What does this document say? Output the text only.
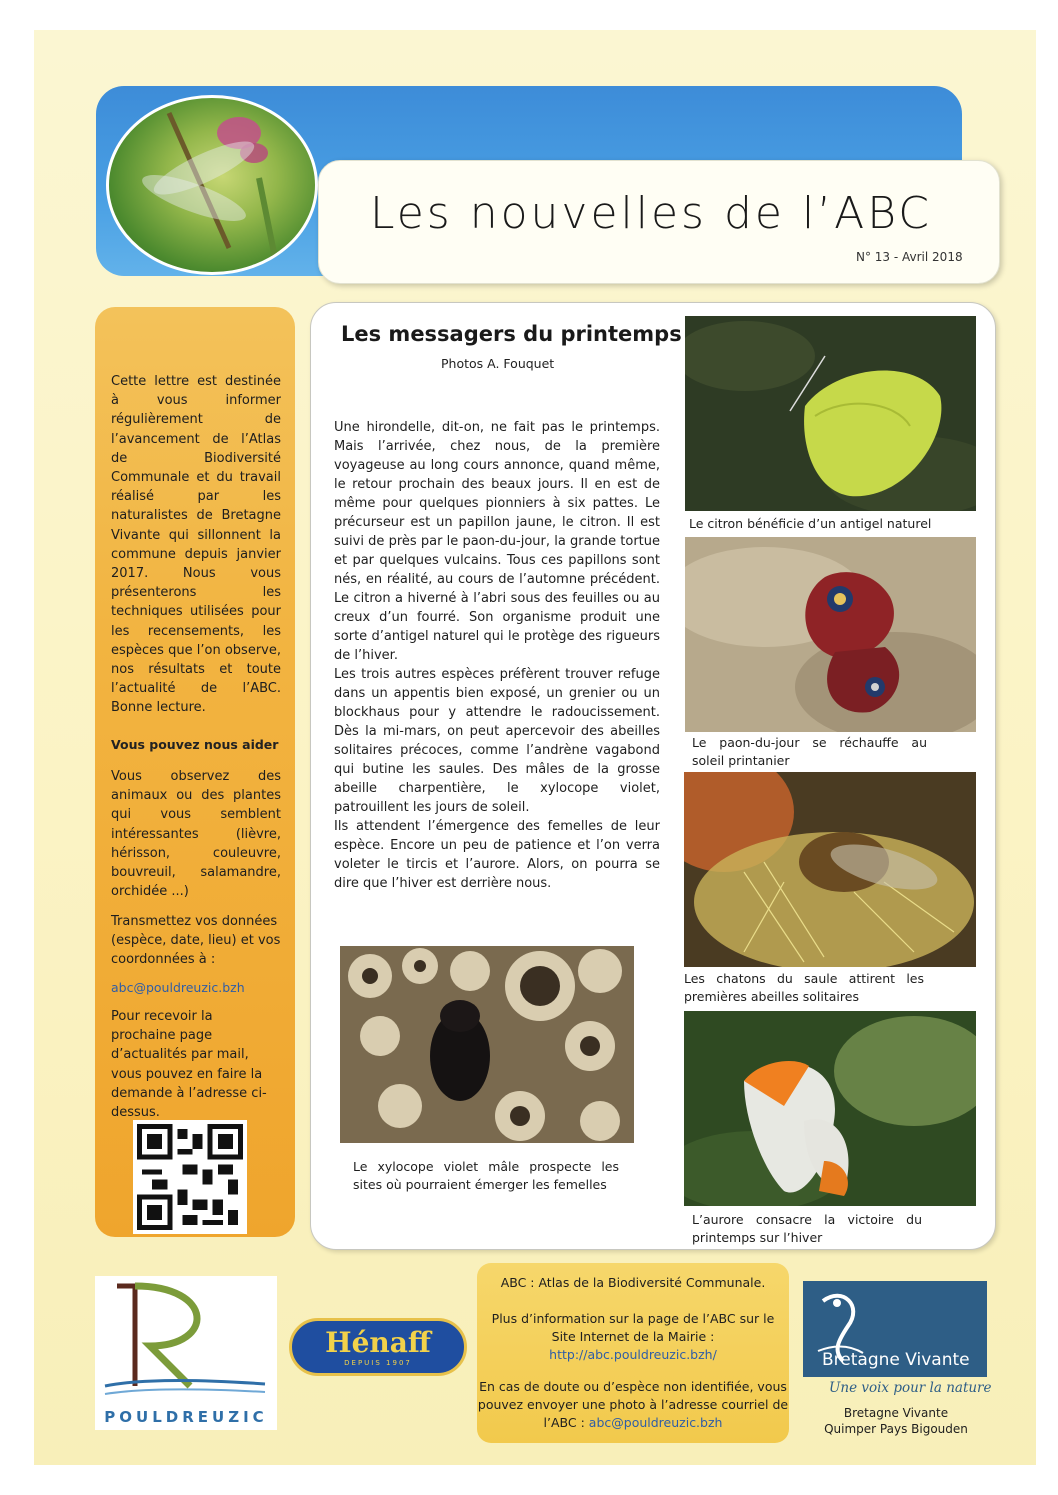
Les nouvelles de l’ABC
N° 13 - Avril 2018
Cette lettre est destinée à vous informer régulièrement de l’avancement de l’Atlas de Biodiversité Communale et du travail réalisé par les naturalistes de Bretagne Vivante qui sillonnent la commune depuis janvier 2017. Nous vous présenterons les techniques utilisées pour les recensements, les espèces que l’on observe, nos résultats et toute l’actualité de l’ABC. Bonne lecture.
Vous pouvez nous aider
Vous observez des animaux ou des plantes qui vous semblent intéressantes (lièvre, hérisson, couleuvre, bouvreuil, salamandre, orchidée ...)
Transmettez vos données (espèce, date, lieu) et vos coordonnées à :
abc@pouldreuzic.bzh
Pour recevoir la prochaine page d’actualités par mail, vous pouvez en faire la demande à l’adresse ci-dessus.
Les messagers du printemps
Photos A. Fouquet

Une hirondelle, dit-on, ne fait pas le printemps. Mais l’arrivée, chez nous, de la première voyageuse au long cours annonce, quand même, le retour prochain des beaux jours. Il en est de même pour quelques pionniers à six pattes. Le précurseur est un papillon jaune, le citron. Il est suivi de près par le paon-du-jour, la grande tortue et par quelques vulcains. Tous ces papillons sont nés, en réalité, au cours de l’automne précédent. Le citron a hiverné à l’abri sous des feuilles ou au creux d’un fourré. Son organisme produit une sorte d’antigel naturel qui le protège des rigueurs de l’hiver.

Les trois autres espèces préfèrent trouver refuge dans un appentis bien exposé, un grenier ou un blockhaus pour y attendre le radoucissement. Dès la mi-mars, on peut apercevoir des abeilles solitaires précoces, comme l’andrène vagabond qui butine les saules. Des mâles de la grosse abeille charpentière, le xylocope violet, patrouillent les jours de soleil.

Ils attendent l’émergence des femelles de leur espèce. Encore un peu de patience et l’on verra voleter le tircis et l’aurore. Alors, on pourra se dire que l’hiver est derrière nous.

Le citron bénéficie d’un antigel naturel
Le paon-du-jour se réchauffe au soleil printanier
Les chatons du saule attirent les premières abeilles solitaires
L’aurore consacre la victoire du printemps sur l’hiver
Le xylocope violet mâle prospecte les sites où pourraient émerger les femelles
POULDREUZIC
Hénaff
DEPUIS 1907
ABC : Atlas de la Biodiversité Communale.
Plus d’information sur la page de l’ABC sur le
Site Internet de la Mairie :
http://abc.pouldreuzic.bzh/
En cas de doute ou d’espèce non identifiée, vous
pouvez envoyer une photo à l’adresse courriel de
l’ABC : abc@pouldreuzic.bzh
Bretagne Vivante
Une voix pour la nature
Bretagne Vivante
Quimper Pays Bigouden
